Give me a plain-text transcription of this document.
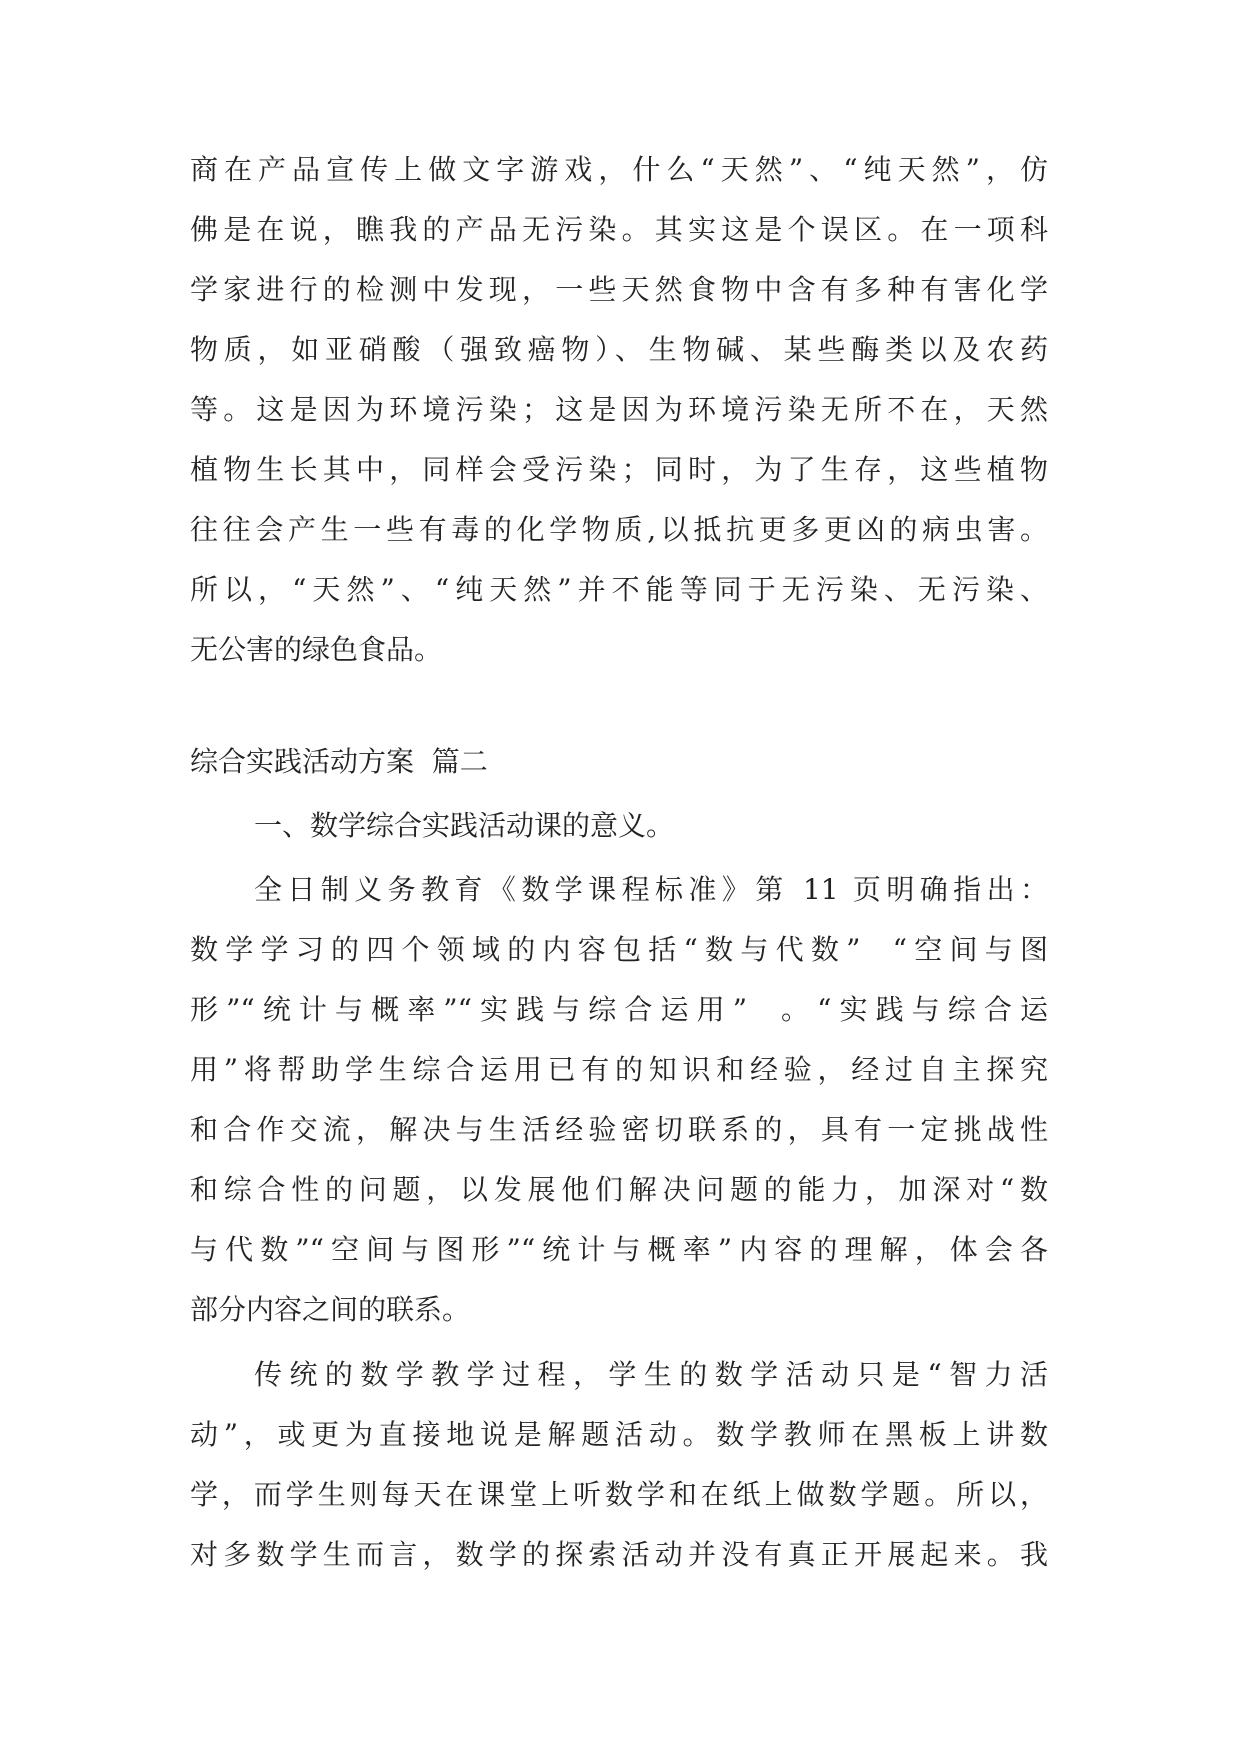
商在产品宣传上做文字游戏，什么“天然”、“纯天然”，仿
佛是在说，瞧我的产品无污染。其实这是个误区。在一项科
学家进行的检测中发现，一些天然食物中含有多种有害化学
物质，如亚硝酸（强致癌物）、生物碱、某些酶类以及农药
等。这是因为环境污染；这是因为环境污染无所不在，天然
植物生长其中，同样会受污染；同时，为了生存，这些植物
往往会产生一些有毒的化学物质,以抵抗更多更凶的病虫害。
所以，“天然”、“纯天然”并不能等同于无污染、无污染、
无公害的绿色食品。
综合实践活动方案  篇二
一、数学综合实践活动课的意义。
全日制义务教育《数学课程标准》第 11 页明确指出：
数学学习的四个领域的内容包括“数与代数”  “空间与图
形”“统计与概率”“实践与综合运用”  。“实践与综合运
用”将帮助学生综合运用已有的知识和经验，经过自主探究
和合作交流，解决与生活经验密切联系的，具有一定挑战性
和综合性的问题，以发展他们解决问题的能力，加深对“数
与代数”“空间与图形”“统计与概率”内容的理解，体会各
部分内容之间的联系。
传统的数学教学过程，学生的数学活动只是“智力活
动”，或更为直接地说是解题活动。数学教师在黑板上讲数
学，而学生则每天在课堂上听数学和在纸上做数学题。所以，
对多数学生而言，数学的探索活动并没有真正开展起来。我
